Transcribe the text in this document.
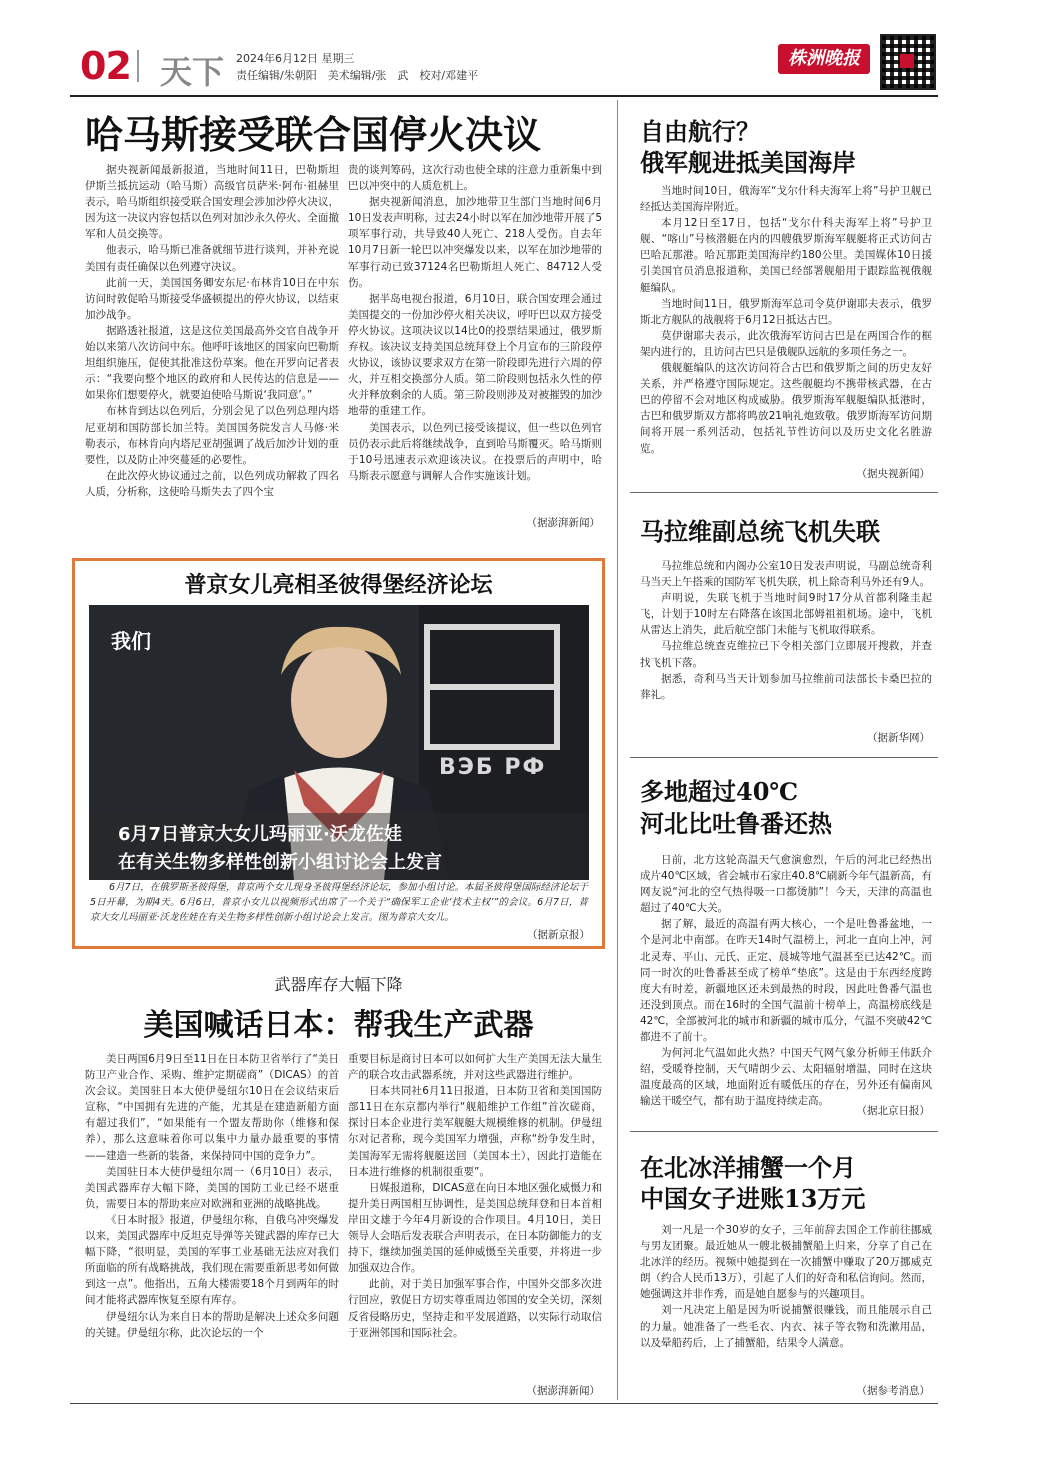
02 天下 2024年6月12日 星期三
责任编辑/朱朝阳　美术编辑/张　武　校对/邓建平
株洲晚报
哈马斯接受联合国停火决议

据央视新闻最新报道，当地时间11日，巴勒斯坦伊斯兰抵抗运动（哈马斯）高级官员萨米·阿布·祖赫里表示，哈马斯组织接受联合国安理会涉加沙停火决议，因为这一决议内容包括以色列对加沙永久停火、全面撤军和人员交换等。

他表示，哈马斯已准备就细节进行谈判，并补充说美国有责任确保以色列遵守决议。

此前一天，美国国务卿安东尼·布林肯10日在中东访问时敦促哈马斯接受华盛顿提出的停火协议，以结束加沙战争。

据路透社报道，这是这位美国最高外交官自战争开始以来第八次访问中东。他呼吁该地区的国家向巴勒斯坦组织施压，促使其批准这份草案。他在开罗向记者表示：“我要向整个地区的政府和人民传达的信息是——如果你们想要停火，就要迫使哈马斯说‘我同意’。”

布林肯到达以色列后，分别会见了以色列总理内塔尼亚胡和国防部长加兰特。美国国务院发言人马修·米勒表示，布林肯向内塔尼亚胡强调了战后加沙计划的重要性，以及防止冲突蔓延的必要性。

在此次停火协议通过之前，以色列成功解救了四名人质，分析称，这使哈马斯失去了四个宝

贵的谈判筹码，这次行动也使全球的注意力重新集中到巴以冲突中的人质危机上。

据央视新闻消息，加沙地带卫生部门当地时间6月10日发表声明称，过去24小时以军在加沙地带开展了5项军事行动，共导致40人死亡、218人受伤。自去年10月7日新一轮巴以冲突爆发以来，以军在加沙地带的军事行动已致37124名巴勒斯坦人死亡、84712人受伤。

据半岛电视台报道，6月10日，联合国安理会通过美国提交的一份加沙停火相关决议，呼吁巴以双方接受停火协议。这项决议以14比0的投票结果通过，俄罗斯弃权。该决议支持美国总统拜登上个月宣布的三阶段停火协议，该协议要求双方在第一阶段即先进行六周的停火，并互相交换部分人质。第二阶段则包括永久性的停火并释放剩余的人质。第三阶段则涉及对被摧毁的加沙地带的重建工作。

美国表示，以色列已接受该提议，但一些以色列官员仍表示此后将继续战争，直到哈马斯覆灭。哈马斯则于10号迅速表示欢迎该决议。在投票后的声明中，哈马斯表示愿意与调解人合作实施该计划。

（据澎湃新闻）
普京女儿亮相圣彼得堡经济论坛
我们
ВЭБ РФ
6月7日普京大女儿玛丽亚·沃龙佐娃
在有关生物多样性创新小组讨论会上发言
6月7日，在俄罗斯圣彼得堡，普京两个女儿现身圣彼得堡经济论坛，参加小组讨论。本届圣彼得堡国际经济论坛于5日开幕，为期4天。6月6日，普京小女儿以视频形式出席了一个关于“确保军工企业‘技术主权’”的会议。6月7日，普京大女儿玛丽亚·沃龙佐娃在有关生物多样性创新小组讨论会上发言。图为普京大女儿。
（据新京报）
武器库存大幅下降
美国喊话日本：帮我生产武器

美日两国6月9日至11日在日本防卫省举行了“美日防卫产业合作、采购、维护定期磋商”（DICAS）的首次会议。美国驻日本大使伊曼纽尔10日在会议结束后宣称，“中国拥有先进的产能，尤其是在建造新船方面有超过我们”，“如果能有一个盟友帮助你（维修和保养），那么这意味着你可以集中力量办最重要的事情——建造一些新的装备，来保持同中国的竞争力”。

美国驻日本大使伊曼纽尔周一（6月10日）表示，美国武器库存大幅下降，美国的国防工业已经不堪重负，需要日本的帮助来应对欧洲和亚洲的战略挑战。

《日本时报》报道，伊曼纽尔称，自俄乌冲突爆发以来，美国武器库中反坦克导弹等关键武器的库存已大幅下降，“很明显，美国的军事工业基础无法应对我们所面临的所有战略挑战，我们现在需要重新思考如何做到这一点”。他指出，五角大楼需要18个月到两年的时间才能将武器库恢复至原有库存。

伊曼纽尔认为来自日本的帮助是解决上述众多问题的关键。伊曼纽尔称，此次论坛的一个

重要目标是商讨日本可以如何扩大生产美国无法大量生产的联合攻击武器系统，并对这些武器进行维护。

日本共同社6月11日报道，日本防卫省和美国国防部11日在东京都内举行“舰船维护工作组”首次磋商，探讨日本企业进行美军舰艇大规模维修的机制。伊曼纽尔对记者称，现今美国军力增强，声称“纷争发生时，美国海军无需将舰艇送回（美国本土），因此打造能在日本进行维修的机制很重要”。

日媒报道称，DICAS意在向日本地区强化威慑力和提升美日两国相互协调性，是美国总统拜登和日本首相岸田文雄于今年4月新设的合作项目。4月10日，美日领导人会晤后发表联合声明表示，在日本防御能力的支持下，继续加强美国的延伸威慑至关重要，并将进一步加强双边合作。

此前，对于美日加强军事合作，中国外交部多次进行回应，敦促日方切实尊重周边邻国的安全关切，深刻反省侵略历史，坚持走和平发展道路，以实际行动取信于亚洲邻国和国际社会。

（据澎湃新闻）
自由航行？
俄军舰进抵美国海岸

当地时间10日，俄海军“戈尔什科夫海军上将”号护卫舰已经抵达美国海岸附近。

本月12日至17日，包括“戈尔什科夫海军上将”号护卫舰、“喀山”号核潜艇在内的四艘俄罗斯海军舰艇将正式访问古巴哈瓦那港。哈瓦那距美国海岸约180公里。美国媒体10日援引美国官员消息报道称，美国已经部署舰船用于跟踪监视俄舰艇编队。

当地时间11日，俄罗斯海军总司令莫伊谢耶夫表示，俄罗斯北方舰队的战舰将于6月12日抵达古巴。

莫伊谢耶夫表示，此次俄海军访问古巴是在两国合作的框架内进行的，且访问古巴只是俄舰队远航的多项任务之一。

俄舰艇编队的这次访问符合古巴和俄罗斯之间的历史友好关系，并严格遵守国际规定。这些舰艇均不携带核武器，在古巴的停留不会对地区构成威胁。俄罗斯海军舰艇编队抵港时，古巴和俄罗斯双方都将鸣放21响礼炮致敬。俄罗斯海军访问期间将开展一系列活动，包括礼节性访问以及历史文化名胜游览。

（据央视新闻）
马拉维副总统飞机失联

马拉维总统和内阁办公室10日发表声明说，马副总统奇利马当天上午搭乘的国防军飞机失联，机上除奇利马外还有9人。

声明说，失联飞机于当地时间9时17分从首都利隆圭起飞，计划于10时左右降落在该国北部姆祖祖机场。途中，飞机从雷达上消失，此后航空部门未能与飞机取得联系。

马拉维总统查克维拉已下令相关部门立即展开搜救，并查找飞机下落。

据悉，奇利马当天计划参加马拉维前司法部长卡桑巴拉的葬礼。

（据新华网）
多地超过40℃
河北比吐鲁番还热

日前，北方这轮高温天气愈演愈烈，午后的河北已经热出成片40℃区域，省会城市石家庄40.8℃刷新今年气温新高，有网友说“河北的空气热得吸一口都烫肺”！今天，天津的高温也超过了40℃大关。

据了解，最近的高温有两大核心，一个是吐鲁番盆地，一个是河北中南部。在昨天14时气温榜上，河北一直向上冲，河北灵寿、平山、元氏、正定、晨城等地气温甚至已达42℃。而同一时次的吐鲁番甚至成了榜单“垫底”。这是由于东西经度跨度大有时差，新疆地区还未到最热的时段，因此吐鲁番气温也还没到顶点。而在16时的全国气温前十榜单上，高温榜底线是42℃，全部被河北的城市和新疆的城市瓜分，气温不突破42℃都进不了前十。

为何河北气温如此火热？中国天气网气象分析师王伟跃介绍，受暖脊控制，天气晴朗少云、太阳辐射增温，同时在这块温度最高的区域，地面附近有暖低压的存在，另外还有偏南风输送干暖空气，都有助于温度持续走高。

（据北京日报）
在北冰洋捕蟹一个月
中国女子进账13万元

刘一凡是一个30岁的女子，三年前辞去国企工作前往挪威与男友团聚。最近她从一艘北极捕蟹船上归来，分享了自己在北冰洋的经历。视频中她提到在一次捕蟹中赚取了20万挪威克朗（约合人民币13万），引起了人们的好奇和私信询问。然而，她强调这并非作秀，而是她自愿参与的兴趣项目。

刘一凡决定上船是因为听说捕蟹很赚钱，而且能展示自己的力量。她准备了一些毛衣、内衣、袜子等衣物和洗漱用品，以及晕船药后，上了捕蟹船，结果令人满意。

（据参考消息）
